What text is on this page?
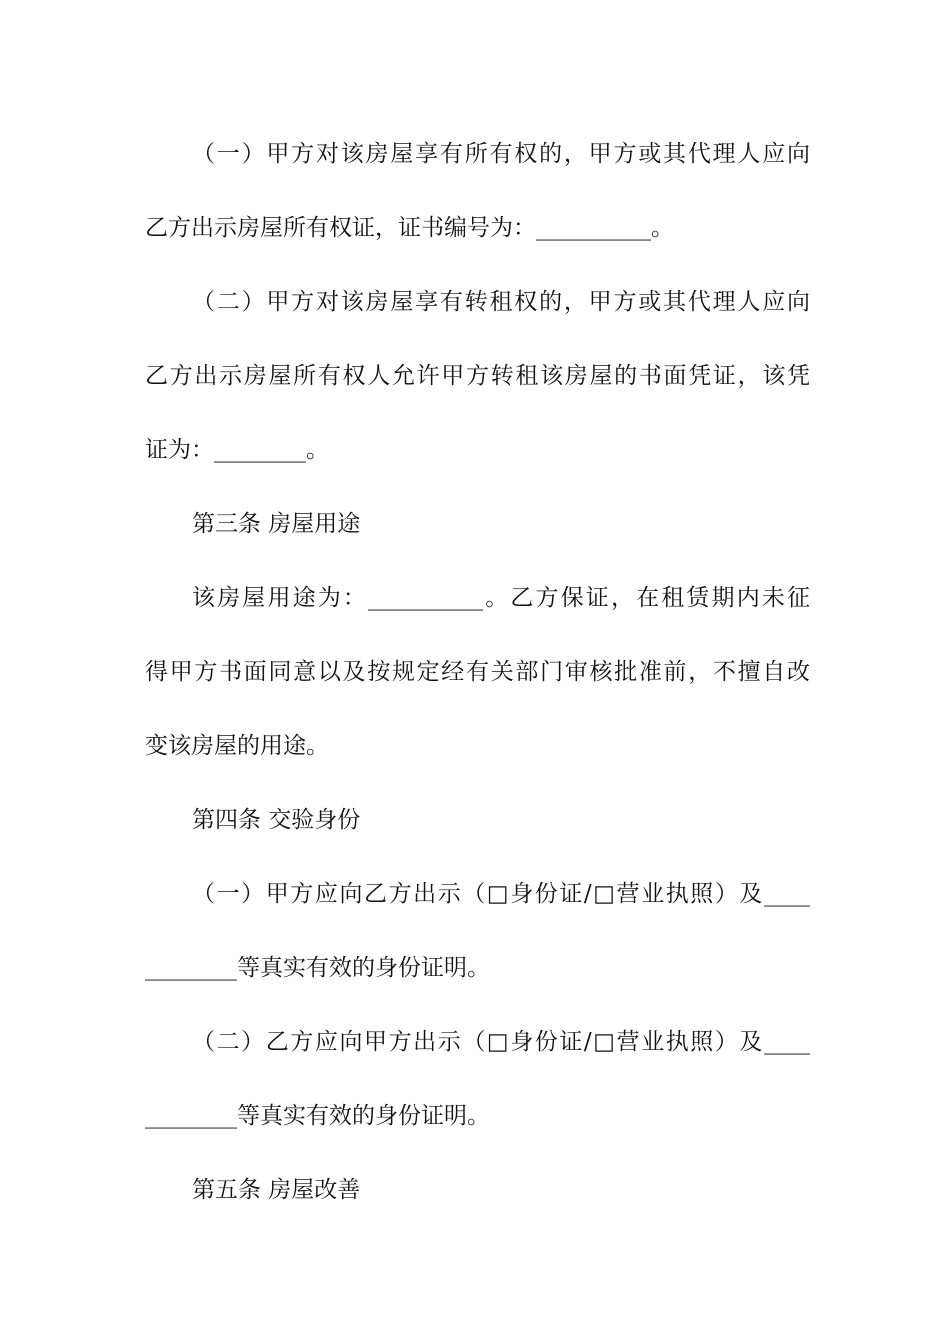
（一）甲方对该房屋享有所有权的，甲方或其代理人应向
乙方出示房屋所有权证，证书编号为：__________。
（二）甲方对该房屋享有转租权的，甲方或其代理人应向
乙方出示房屋所有权人允许甲方转租该房屋的书面凭证，该凭
证为：________。
第三条 房屋用途
该房屋用途为：__________。乙方保证，在租赁期内未征
得甲方书面同意以及按规定经有关部门审核批准前，不擅自改
变该房屋的用途。
第四条 交验身份
（一）甲方应向乙方出示（□身份证/□营业执照）及____
________等真实有效的身份证明。
（二）乙方应向甲方出示（□身份证/□营业执照）及____
________等真实有效的身份证明。
第五条 房屋改善
